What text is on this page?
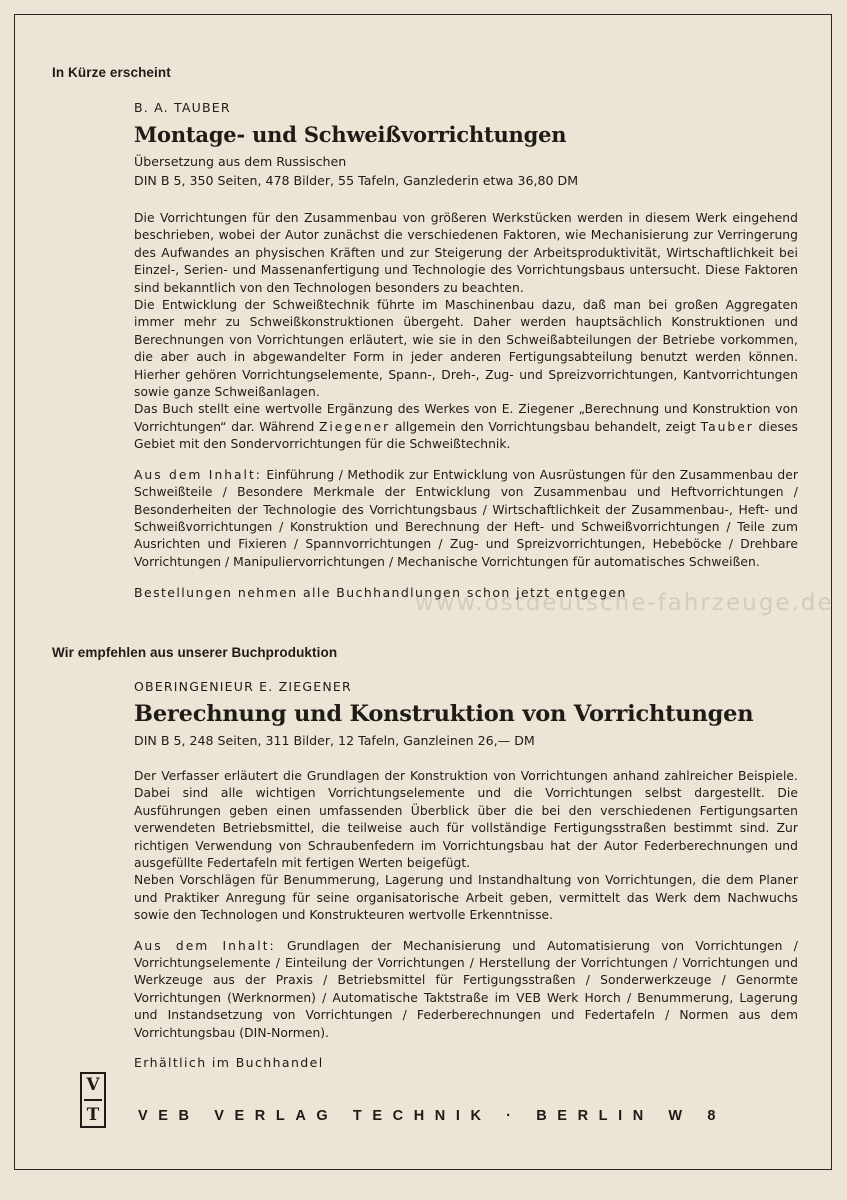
www.ostdeutsche-fahrzeuge.de
In Kürze erscheint
B. A. TAUBER
Montage- und Schweißvorrichtungen
Übersetzung aus dem Russischen
DIN B 5, 350 Seiten, 478 Bilder, 55 Tafeln, Ganzlederin etwa 36,80 DM

Die Vorrichtungen für den Zusammenbau von größeren Werkstücken werden in diesem Werk eingehend beschrieben, wobei der Autor zunächst die verschiedenen Faktoren, wie Mechanisierung zur Verringerung des Aufwandes an physischen Kräften und zur Steigerung der Arbeitsproduktivität, Wirtschaftlichkeit bei Einzel-, Serien- und Massenanfertigung und Technologie des Vorrichtungsbaus untersucht. Diese Faktoren sind bekanntlich von den Technologen besonders zu beachten.

Die Entwicklung der Schweißtechnik führte im Maschinenbau dazu, daß man bei großen Aggregaten immer mehr zu Schweißkonstruktionen übergeht. Daher werden hauptsächlich Konstruktionen und Berechnungen von Vorrichtungen erläutert, wie sie in den Schweißabteilungen der Betriebe vorkommen, die aber auch in abgewandelter Form in jeder anderen Fertigungsabteilung benutzt werden können. Hierher gehören Vorrichtungselemente, Spann-, Dreh-, Zug- und Spreizvorrichtungen, Kantvorrichtungen sowie ganze Schweißanlagen.

Das Buch stellt eine wertvolle Ergänzung des Werkes von E. Ziegener „Berechnung und Konstruktion von Vorrichtungen“ dar. Während Ziegener allgemein den Vorrichtungsbau behandelt, zeigt Tauber dieses Gebiet mit den Sondervorrichtungen für die Schweißtechnik.

Aus dem Inhalt: Einführung / Methodik zur Entwicklung von Ausrüstungen für den Zusammenbau der Schweißteile / Besondere Merkmale der Entwicklung von Zusammenbau und Heftvorrichtungen / Besonderheiten der Technologie des Vorrichtungsbaus / Wirtschaftlichkeit der Zusammenbau-, Heft- und Schweißvorrichtungen / Konstruktion und Berechnung der Heft- und Schweißvorrichtungen / Teile zum Ausrichten und Fixieren / Spannvorrichtungen / Zug- und Spreizvorrichtungen, Hebeböcke / Drehbare Vorrichtungen / Manipuliervorrichtungen / Mechanische Vorrichtungen für automatisches Schweißen.

Bestellungen nehmen alle Buchhandlungen schon jetzt entgegen
Wir empfehlen aus unserer Buchproduktion
OBERINGENIEUR E. ZIEGENER
Berechnung und Konstruktion von Vorrichtungen
DIN B 5, 248 Seiten, 311 Bilder, 12 Tafeln, Ganzleinen 26,— DM

Der Verfasser erläutert die Grundlagen der Konstruktion von Vorrichtungen anhand zahlreicher Beispiele. Dabei sind alle wichtigen Vorrichtungselemente und die Vorrichtungen selbst dargestellt. Die Ausführungen geben einen umfassenden Überblick über die bei den verschiedenen Fertigungsarten verwendeten Betriebsmittel, die teilweise auch für vollständige Fertigungsstraßen bestimmt sind. Zur richtigen Verwendung von Schraubenfedern im Vorrichtungsbau hat der Autor Federberechnungen und ausgefüllte Federtafeln mit fertigen Werten beigefügt.

Neben Vorschlägen für Benummerung, Lagerung und Instandhaltung von Vorrichtungen, die dem Planer und Praktiker Anregung für seine organisatorische Arbeit geben, vermittelt das Werk dem Nachwuchs sowie den Technologen und Konstrukteuren wertvolle Erkenntnisse.

Aus dem Inhalt: Grundlagen der Mechanisierung und Automatisierung von Vorrichtungen / Vorrichtungselemente / Einteilung der Vorrichtungen / Herstellung der Vorrichtungen / Vorrichtungen und Werkzeuge aus der Praxis / Betriebsmittel für Fertigungsstraßen / Sonderwerkzeuge / Genormte Vorrichtungen (Werknormen) / Automatische Taktstraße im VEB Werk Horch / Benummerung, Lagerung und Instandsetzung von Vorrichtungen / Federberechnungen und Federtafeln / Normen aus dem Vorrichtungsbau (DIN-Normen).

Erhältlich im Buchhandel
V
T	VEB VERLAG TECHNIK · BERLIN W 8
